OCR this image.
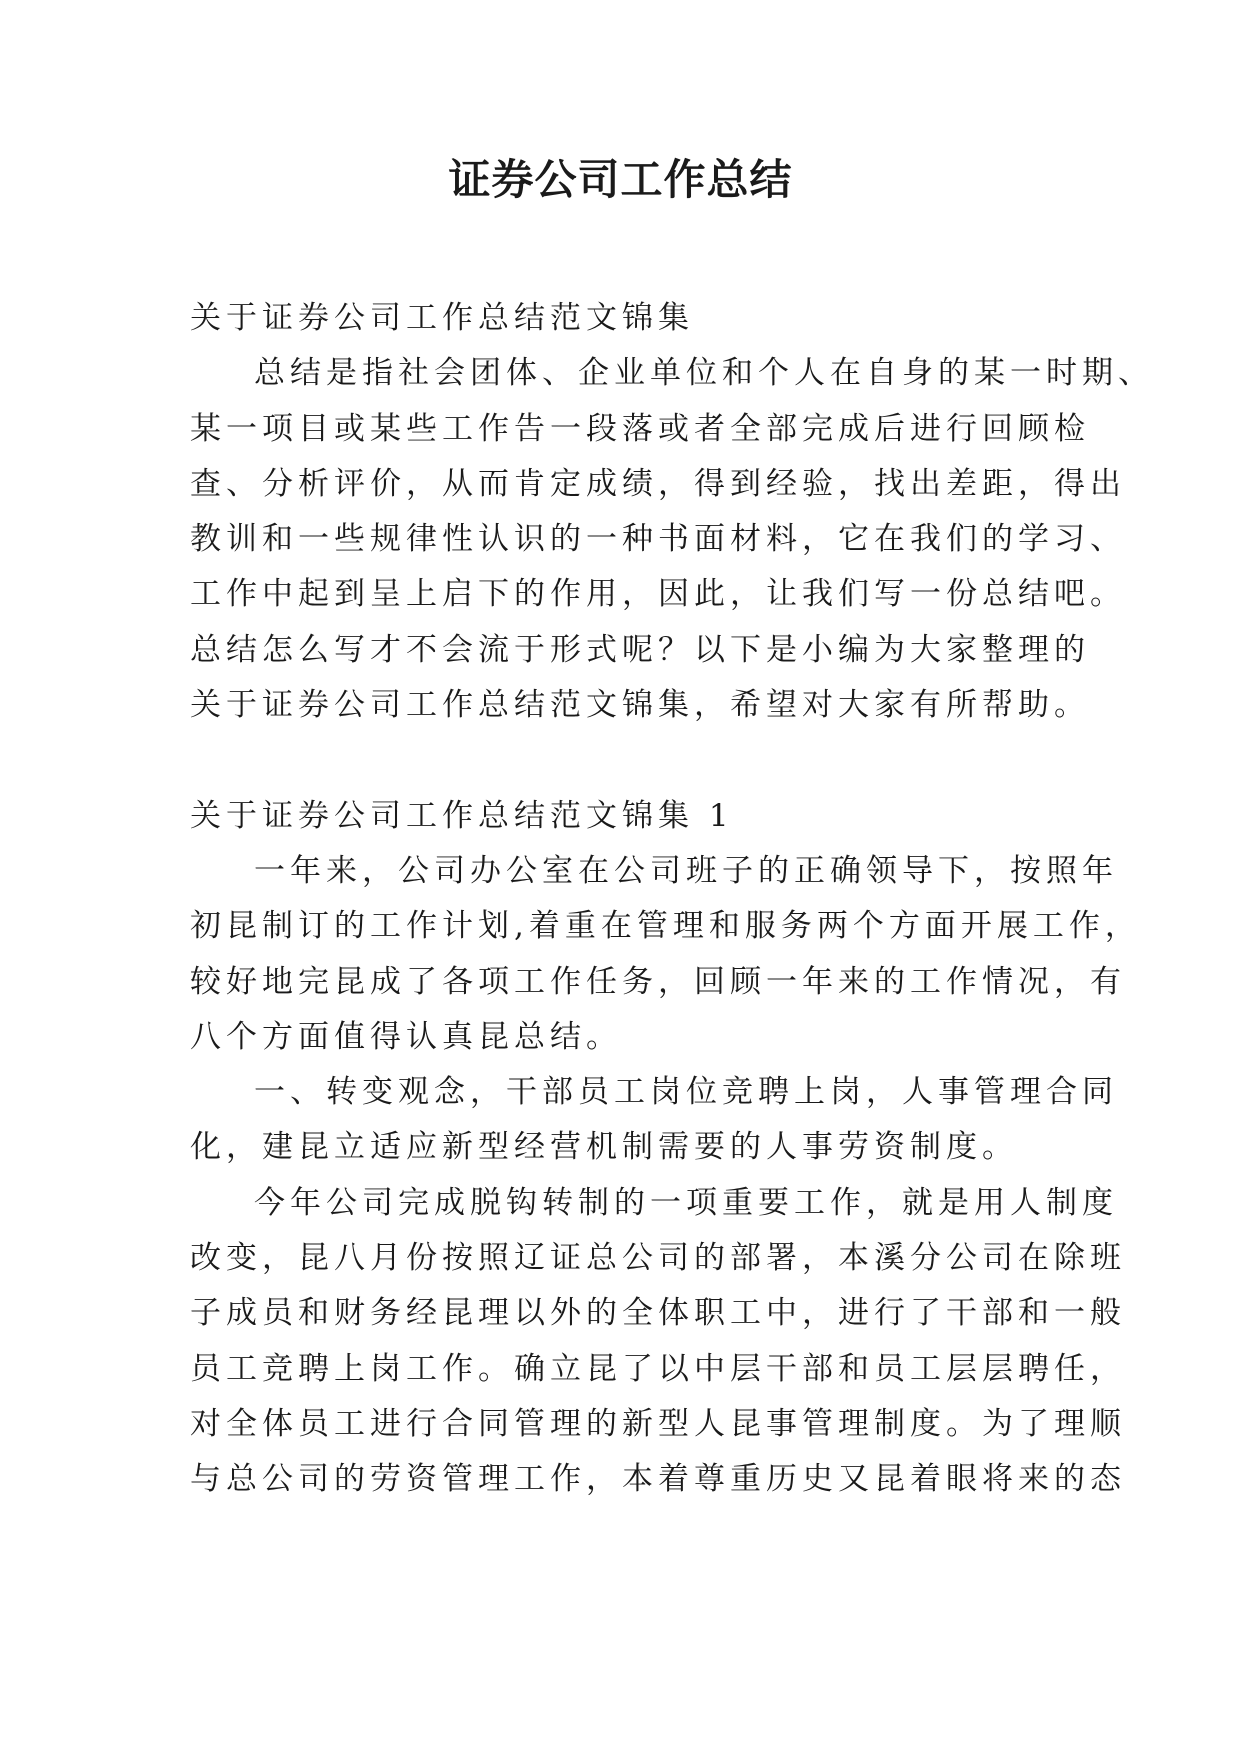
证券公司工作总结
关于证券公司工作总结范文锦集
总结是指社会团体、企业单位和个人在自身的某一时期、
某一项目或某些工作告一段落或者全部完成后进行回顾检
查、分析评价，从而肯定成绩，得到经验，找出差距，得出
教训和一些规律性认识的一种书面材料，它在我们的学习、
工作中起到呈上启下的作用，因此，让我们写一份总结吧。
总结怎么写才不会流于形式呢？以下是小编为大家整理的
关于证券公司工作总结范文锦集，希望对大家有所帮助。
关于证券公司工作总结范文锦集 1
一年来，公司办公室在公司班子的正确领导下，按照年
初昆制订的工作计划,着重在管理和服务两个方面开展工作，
较好地完昆成了各项工作任务，回顾一年来的工作情况，有
八个方面值得认真昆总结。
一、转变观念，干部员工岗位竞聘上岗，人事管理合同
化，建昆立适应新型经营机制需要的人事劳资制度。
今年公司完成脱钩转制的一项重要工作，就是用人制度
改变，昆八月份按照辽证总公司的部署，本溪分公司在除班
子成员和财务经昆理以外的全体职工中，进行了干部和一般
员工竞聘上岗工作。确立昆了以中层干部和员工层层聘任，
对全体员工进行合同管理的新型人昆事管理制度。为了理顺
与总公司的劳资管理工作，本着尊重历史又昆着眼将来的态
